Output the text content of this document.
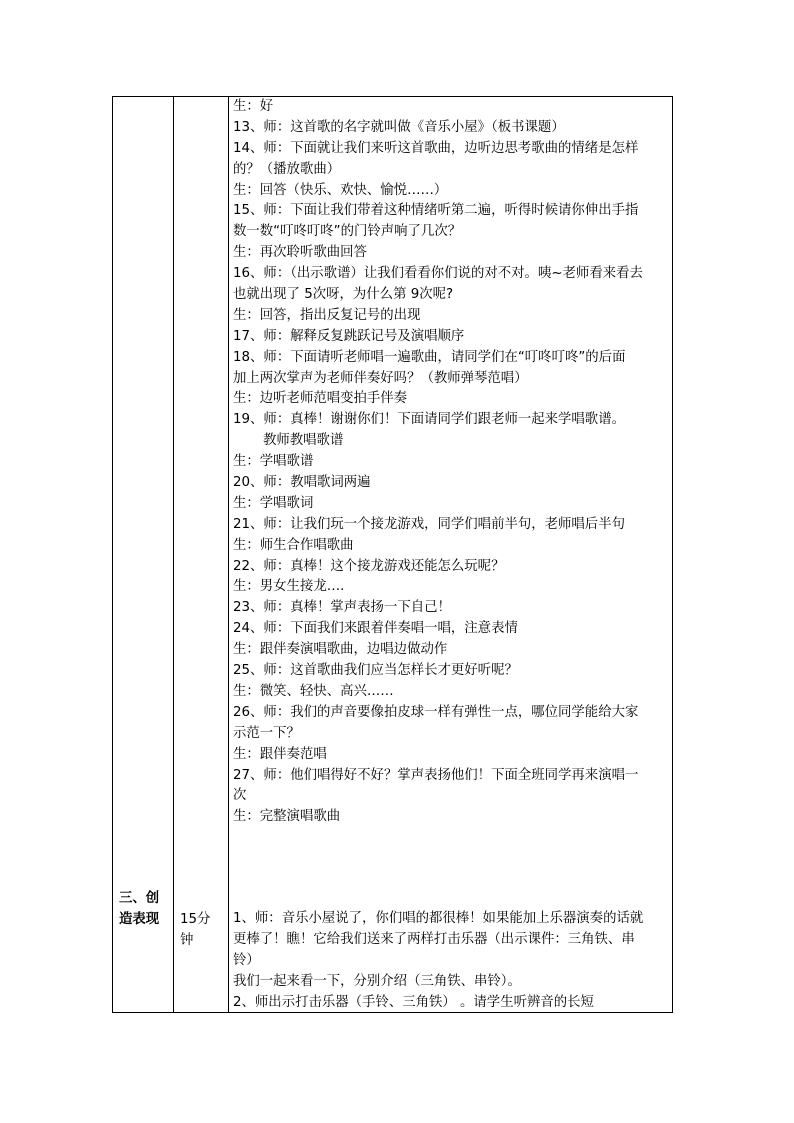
生：好
13、师：这首歌的名字就叫做《音乐小屋》（板书课题）
14、师：下面就让我们来听这首歌曲，边听边思考歌曲的情绪是怎样
的？（播放歌曲）
生：回答（快乐、欢快、愉悦……）
15、师：下面让我们带着这种情绪听第二遍，听得时候请你伸出手指
数一数“叮咚叮咚”的门铃声响了几次？
生：再次聆听歌曲回答
16、师：（出示歌谱）让我们看看你们说的对不对。咦~老师看来看去
也就出现了 5次呀，为什么第 9次呢?
生：回答，指出反复记号的出现
17、师：解释反复跳跃记号及演唱顺序
18、师：下面请听老师唱一遍歌曲，请同学们在“叮咚叮咚”的后面
加上两次掌声为老师伴奏好吗？（教师弹琴范唱）
生：边听老师范唱变拍手伴奏
19、师：真棒！谢谢你们！下面请同学们跟老师一起来学唱歌谱。
教师教唱歌谱
生：学唱歌谱
20、师：教唱歌词两遍
生：学唱歌词
21、师：让我们玩一个接龙游戏，同学们唱前半句，老师唱后半句
生：师生合作唱歌曲
22、师：真棒！这个接龙游戏还能怎么玩呢？
生：男女生接龙….
23、师：真棒！掌声表扬一下自己！
24、师：下面我们来跟着伴奏唱一唱，注意表情
生：跟伴奏演唱歌曲，边唱边做动作
25、师：这首歌曲我们应当怎样长才更好听呢？
生：微笑、轻快、高兴……
26、师：我们的声音要像拍皮球一样有弹性一点，哪位同学能给大家
示范一下？
生：跟伴奏范唱
27、师：他们唱得好不好？掌声表扬他们！下面全班同学再来演唱一
次
生：完整演唱歌曲
三、创
造表现	15分
钟
1、师：音乐小屋说了，你们唱的都很棒！如果能加上乐器演奏的话就
更棒了！瞧！它给我们送来了两样打击乐器（出示课件：三角铁、串
铃）
我们一起来看一下，分别介绍（三角铁、串铃）。
2、师出示打击乐器（手铃、三角铁） 。请学生听辨音的长短
